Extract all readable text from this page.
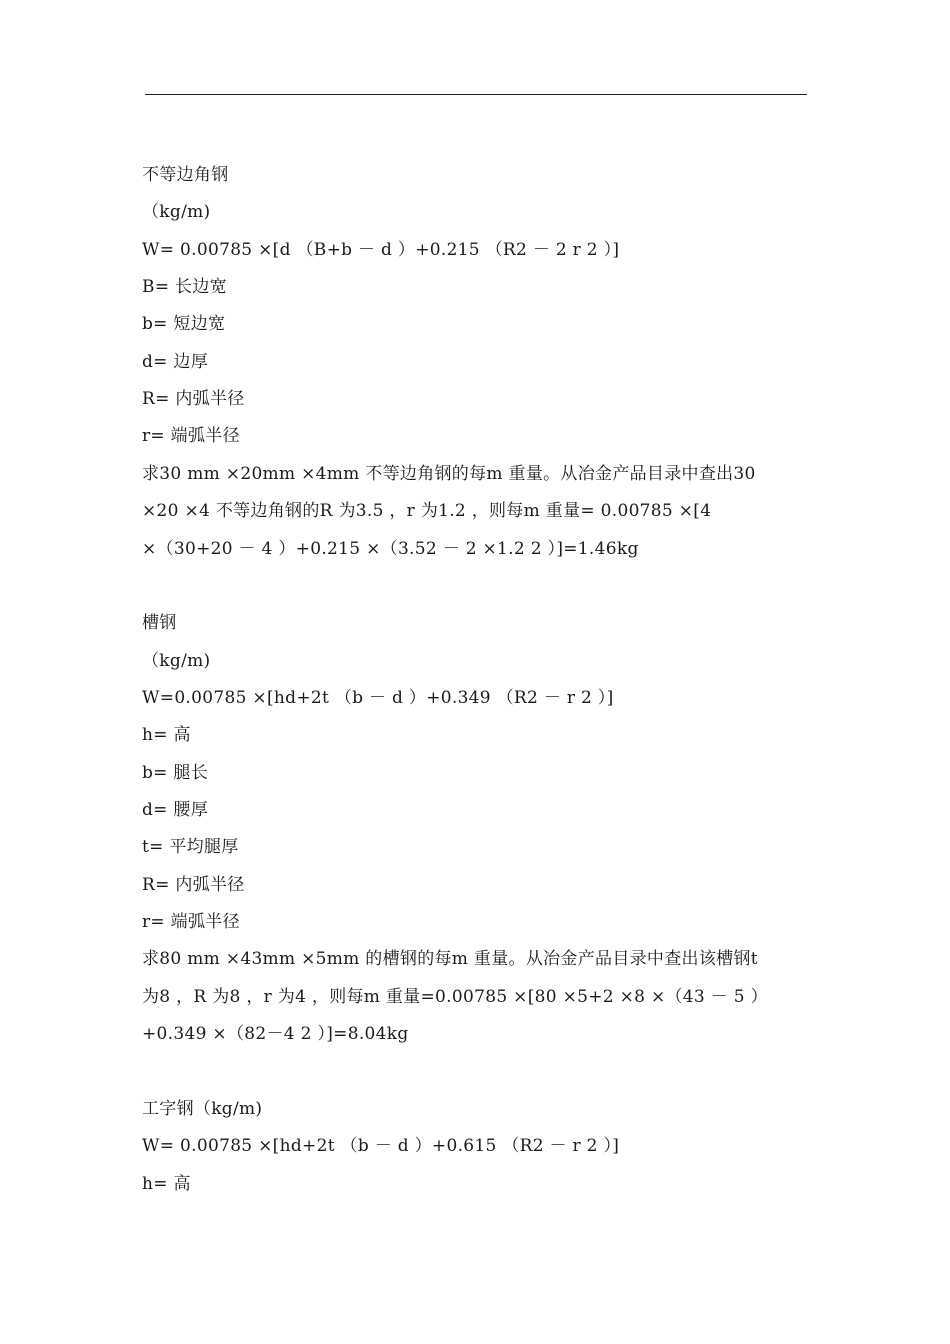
不等边角钢
（kg/m)
W= 0.00785 ×[d （B+b － d ）+0.215 （R2 － 2 r 2 ）]
B= 长边宽
b= 短边宽
d= 边厚
R= 内弧半径
r= 端弧半径
求30 mm ×20mm ×4mm 不等边角钢的每m 重量。从冶金产品目录中查出30
×20 ×4 不等边角钢的R 为3.5 ，r 为1.2 ，则每m 重量= 0.00785 ×[4
×（30+20 － 4 ）+0.215 ×（3.52 － 2 ×1.2 2 ）]=1.46kg
槽钢
（kg/m)
W=0.00785 ×[hd+2t （b － d ）+0.349 （R2 － r 2 ）]
h= 高
b= 腿长
d= 腰厚
t= 平均腿厚
R= 内弧半径
r= 端弧半径
求80 mm ×43mm ×5mm 的槽钢的每m 重量。从冶金产品目录中查出该槽钢t
为8 ，R 为8 ，r 为4 ，则每m 重量=0.00785 ×[80 ×5+2 ×8 ×（43 － 5 ）
+0.349 ×（82－4 2 ）]=8.04kg
工字钢（kg/m)
W= 0.00785 ×[hd+2t （b － d ）+0.615 （R2 － r 2 ）]
h= 高
